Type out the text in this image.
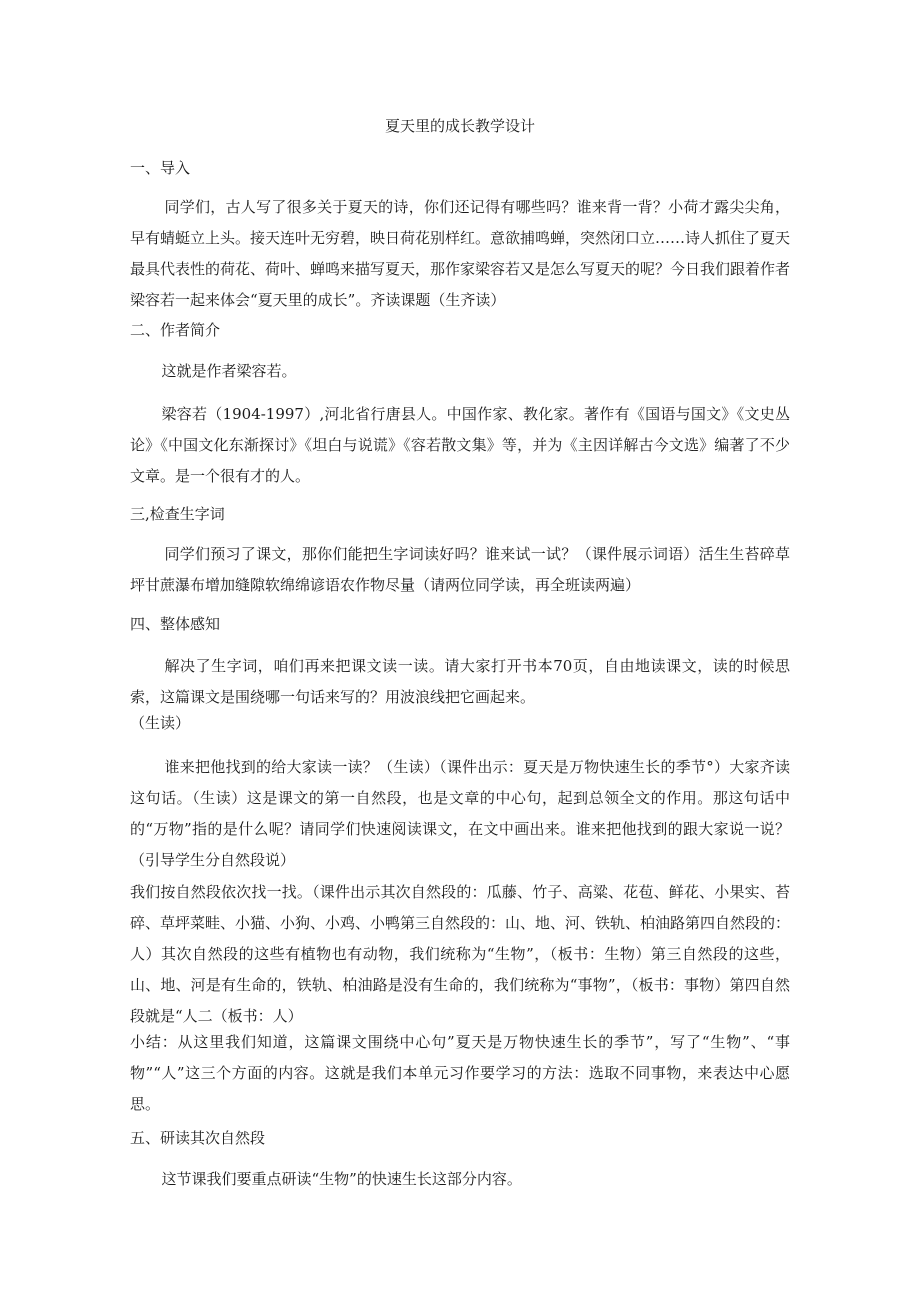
夏天里的成长教学设计
一、导入

同学们，古人写了很多关于夏天的诗，你们还记得有哪些吗？谁来背一背？小荷才露尖尖角，早有蜻蜓立上头。接天连叶无穷碧，映日荷花别样红。意欲捕鸣蝉，突然闭口立……诗人抓住了夏天最具代表性的荷花、荷叶、蝉鸣来描写夏天，那作家梁容若又是怎么写夏天的呢？今日我们跟着作者梁容若一起来体会“夏天里的成长”。齐读课题（生齐读）

二、作者简介

这就是作者梁容若。

梁容若（1904-1997）,河北省行唐县人。中国作家、教化家。著作有《国语与国文》《文史丛论》《中国文化东渐探讨》《坦白与说谎》《容若散文集》等，并为《主因详解古今文选》编著了不少文章。是一个很有才的人。

三,检查生字词

同学们预习了课文，那你们能把生字词读好吗？谁来试一试？（课件展示词语）活生生苔碎草坪甘蔗瀑布增加缝隙软绵绵谚语农作物尽量（请两位同学读，再全班读两遍）

四、整体感知

解决了生字词，咱们再来把课文读一读。请大家打开书本70页，自由地读课文，读的时候思索，这篇课文是围绕哪一句话来写的？用波浪线把它画起来。

（生读）

谁来把他找到的给大家读一读？（生读）（课件出示：夏天是万物快速生长的季节°）大家齐读这句话。（生读）这是课文的第一自然段，也是文章的中心句，起到总领全文的作用。那这句话中的“万物”指的是什么呢？请同学们快速阅读课文，在文中画出来。谁来把他找到的跟大家说一说？（引导学生分自然段说）

我们按自然段依次找一找。（课件出示其次自然段的：瓜藤、竹子、高粱、花苞、鲜花、小果实、苔碎、草坪菜畦、小猫、小狗、小鸡、小鸭第三自然段的：山、地、河、铁轨、柏油路第四自然段的：人）其次自然段的这些有植物也有动物，我们统称为“生物”，（板书：生物）第三自然段的这些，山、地、河是有生命的，铁轨、柏油路是没有生命的，我们统称为“事物”，（板书：事物）第四自然段就是“人二（板书：人）

小结：从这里我们知道，这篇课文围绕中心句”夏天是万物快速生长的季节”，写了“生物”、“事物”“人”这三个方面的内容。这就是我们本单元习作要学习的方法：选取不同事物，来表达中心愿思。

五、研读其次自然段

这节课我们要重点研读“生物”的快速生长这部分内容。
